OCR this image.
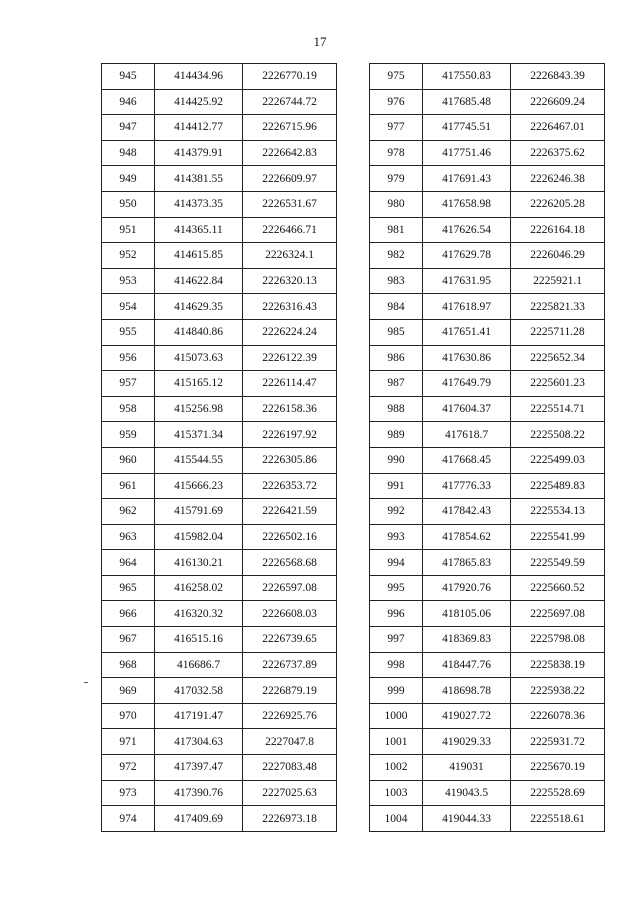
17
945	414434.96	2226770.19
946	414425.92	2226744.72
947	414412.77	2226715.96
948	414379.91	2226642.83
949	414381.55	2226609.97
950	414373.35	2226531.67
951	414365.11	2226466.71
952	414615.85	2226324.1
953	414622.84	2226320.13
954	414629.35	2226316.43
955	414840.86	2226224.24
956	415073.63	2226122.39
957	415165.12	2226114.47
958	415256.98	2226158.36
959	415371.34	2226197.92
960	415544.55	2226305.86
961	415666.23	2226353.72
962	415791.69	2226421.59
963	415982.04	2226502.16
964	416130.21	2226568.68
965	416258.02	2226597.08
966	416320.32	2226608.03
967	416515.16	2226739.65
968	416686.7	2226737.89
969	417032.58	2226879.19
970	417191.47	2226925.76
971	417304.63	2227047.8
972	417397.47	2227083.48
973	417390.76	2227025.63
974	417409.69	2226973.18
975	417550.83	2226843.39
976	417685.48	2226609.24
977	417745.51	2226467.01
978	417751.46	2226375.62
979	417691.43	2226246.38
980	417658.98	2226205.28
981	417626.54	2226164.18
982	417629.78	2226046.29
983	417631.95	2225921.1
984	417618.97	2225821.33
985	417651.41	2225711.28
986	417630.86	2225652.34
987	417649.79	2225601.23
988	417604.37	2225514.71
989	417618.7	2225508.22
990	417668.45	2225499.03
991	417776.33	2225489.83
992	417842.43	2225534.13
993	417854.62	2225541.99
994	417865.83	2225549.59
995	417920.76	2225660.52
996	418105.06	2225697.08
997	418369.83	2225798.08
998	418447.76	2225838.19
999	418698.78	2225938.22
1000	419027.72	2226078.36
1001	419029.33	2225931.72
1002	419031	2225670.19
1003	419043.5	2225528.69
1004	419044.33	2225518.61
